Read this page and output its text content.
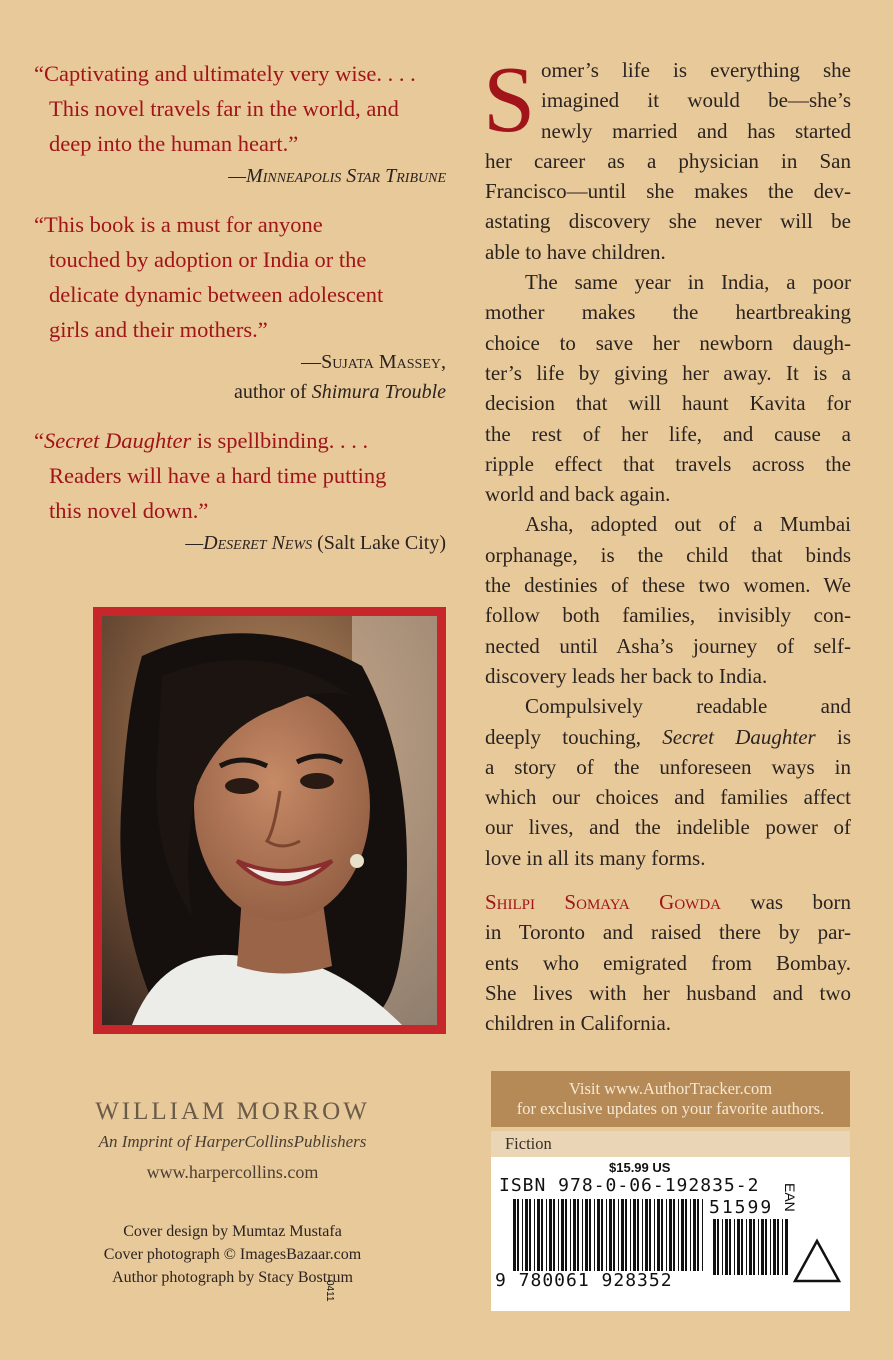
“Captivating and ultimately very wise. . . .
This novel travels far in the world, and
deep into the human heart.”
—Minneapolis Star Tribune
“This book is a must for anyone
touched by adoption or India or the
delicate dynamic between adolescent
girls and their mothers.”
—Sujata Massey,
author of Shimura Trouble
“Secret Daughter is spellbinding. . . .
Readers will have a hard time putting
this novel down.”
—Deseret News (Salt Lake City)
WILLIAM MORROW
An Imprint of HarperCollinsPublishers
www.harpercollins.com
Cover design by Mumtaz Mustafa
Cover photograph © ImagesBazaar.com
Author photograph by Stacy Bostrum
S omer’s life is everything she
imagined it would be—she’s
newly married and has started
her career as a physician in San
Francisco—until she makes the dev-
astating discovery she never will be
able to have children.
The same year in India, a poor
mother makes the heartbreaking
choice to save her newborn daugh-
ter’s life by giving her away. It is a
decision that will haunt Kavita for
the rest of her life, and cause a
ripple effect that travels across the
world and back again.
Asha, adopted out of a Mumbai
orphanage, is the child that binds
the destinies of these two women. We
follow both families, invisibly con-
nected until Asha’s journey of self-
discovery leads her back to India.
Compulsively readable and
deeply touching, Secret Daughter is
a story of the unforeseen ways in
which our choices and families affect
our lives, and the indelible power of
love in all its many forms.
Shilpi Somaya Gowda was born
in Toronto and raised there by par-
ents who emigrated from Bombay.
She lives with her husband and two
children in California.
Visit www.AuthorTracker.com
for exclusive updates on your favorite authors.
Fiction
$15.99 US
ISBN 978-0-06-192835-2
51599 EAN
9 780061 928352
0411
